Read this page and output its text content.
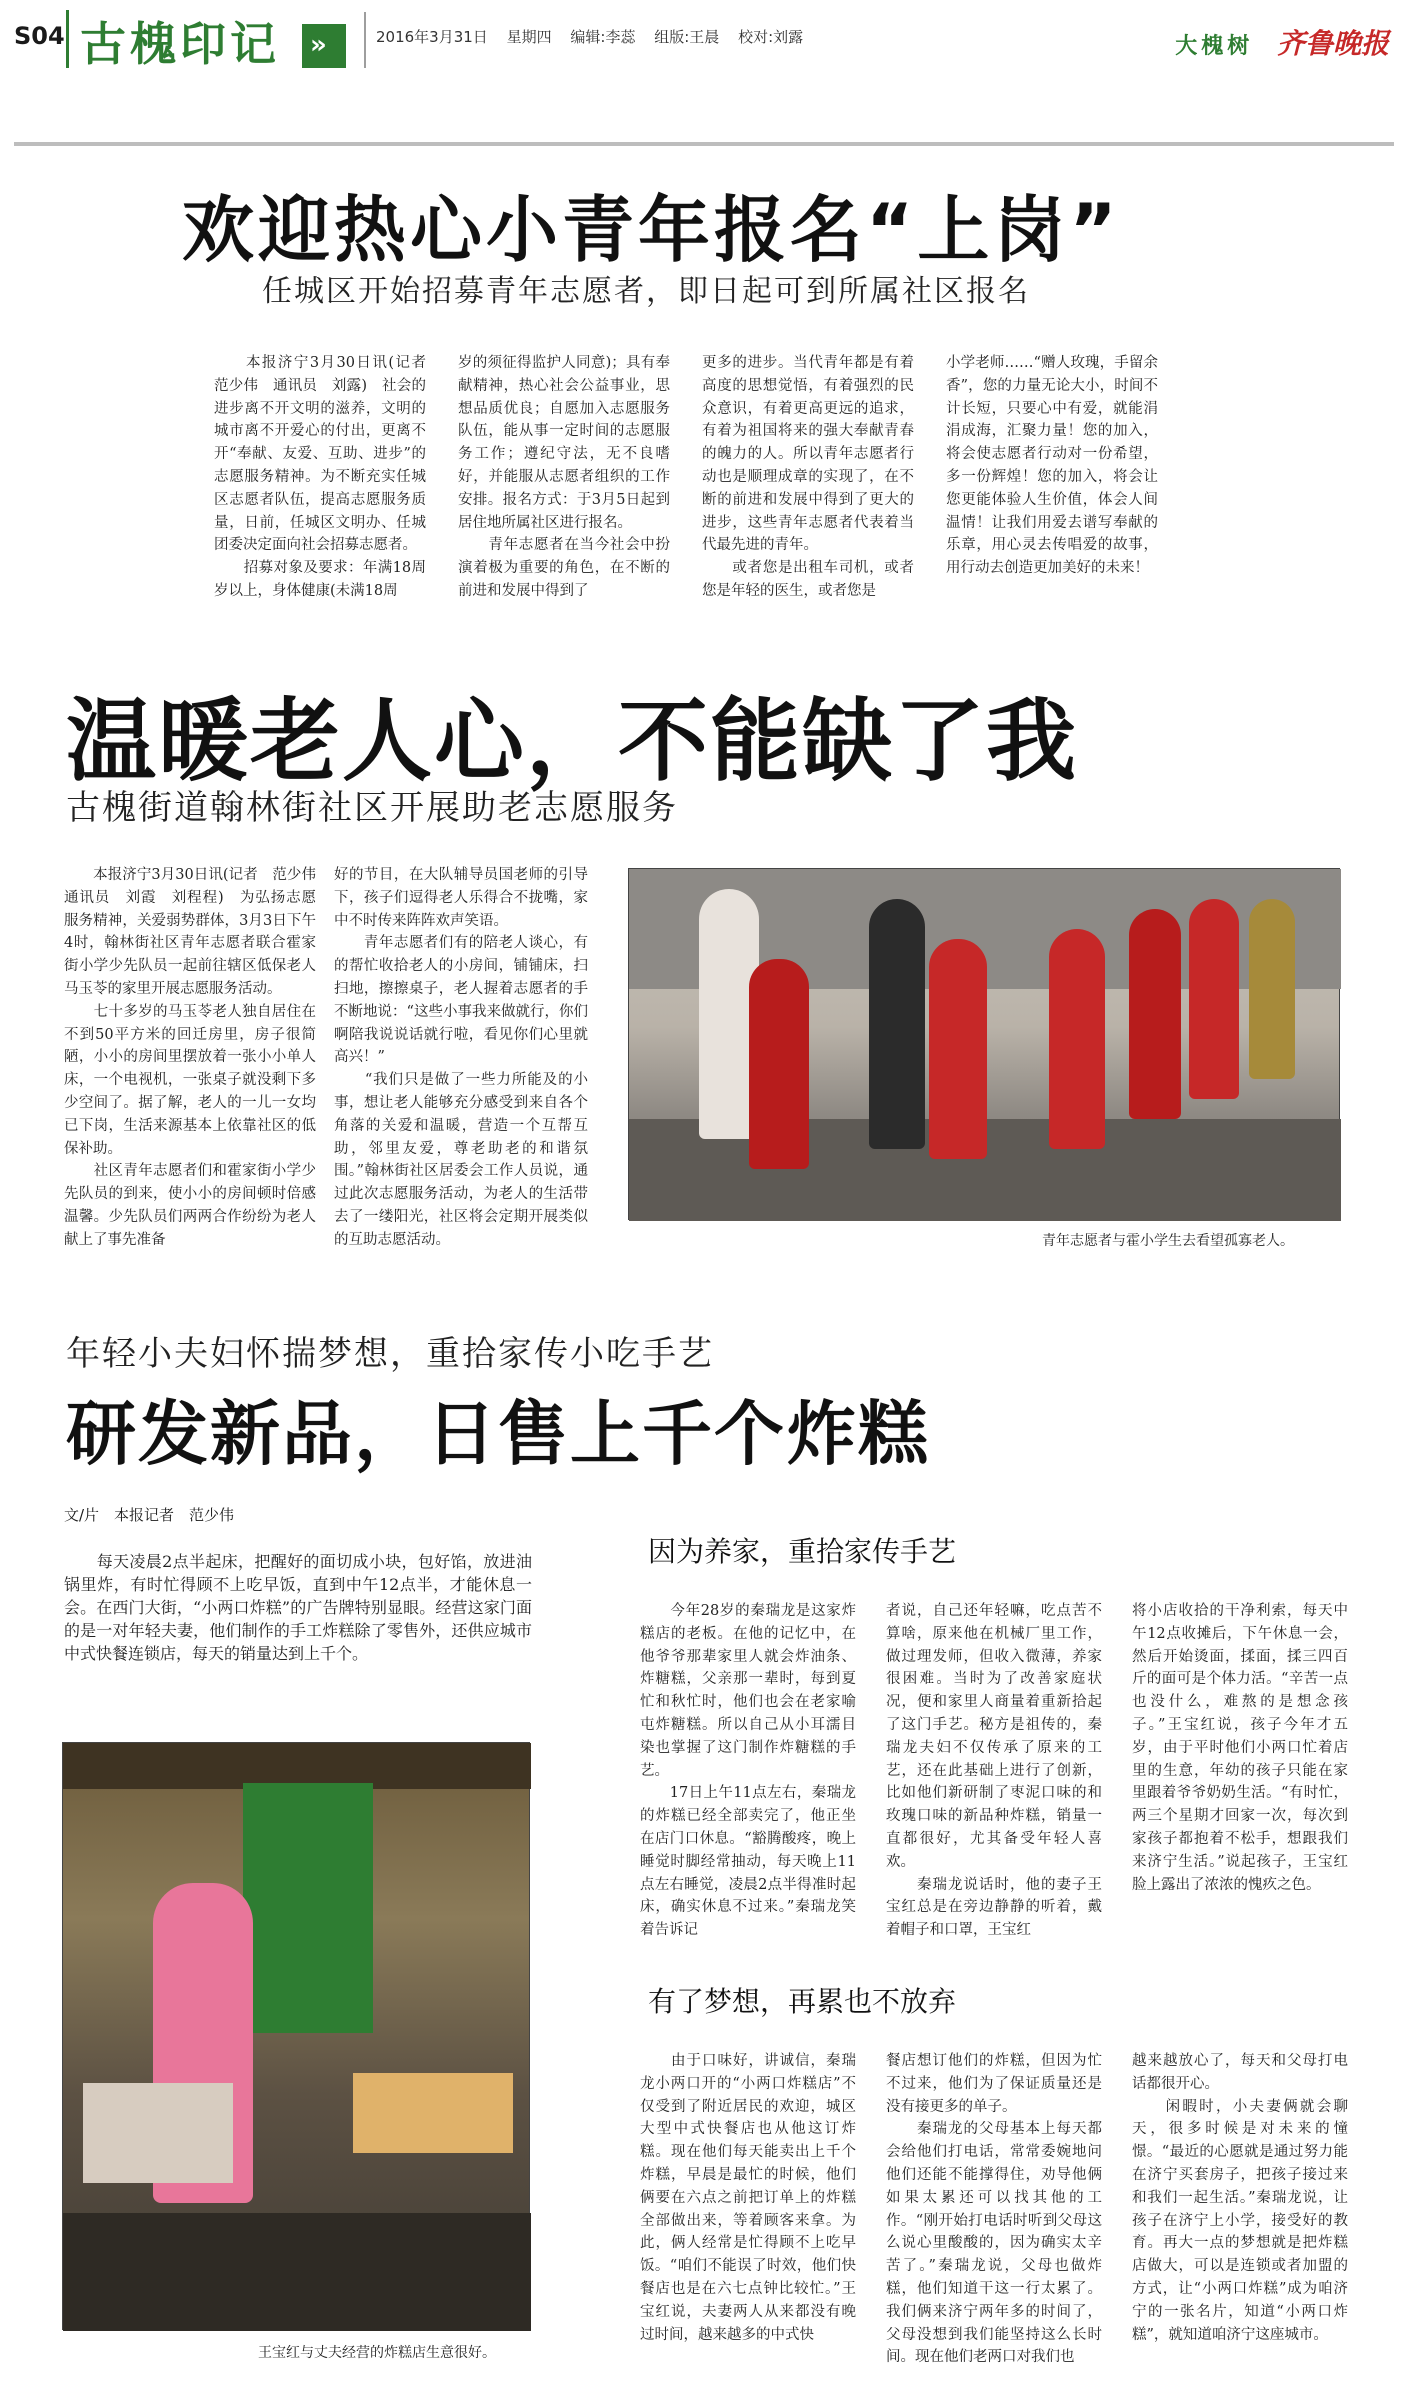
S04 古槐印记 »	2016年3月31日 星期四 编辑:李蕊 组版:王晨 校对:刘露	大槐树 齐鲁晚报
欢迎热心小青年报名“上岗”
任城区开始招募青年志愿者，即日起可到所属社区报名
　　本报济宁3月30日讯(记者　范少伟　通讯员　刘露)　社会的进步离不开文明的滋养，文明的城市离不开爱心的付出，更离不开“奉献、友爱、互助、进步”的志愿服务精神。为不断充实任城区志愿者队伍，提高志愿服务质量，日前，任城区文明办、任城团委决定面向社会招募志愿者。
　　招募对象及要求：年满18周岁以上，身体健康(未满18周
岁的须征得监护人同意)；具有奉献精神，热心社会公益事业，思想品质优良；自愿加入志愿服务队伍，能从事一定时间的志愿服务工作；遵纪守法，无不良嗜好，并能服从志愿者组织的工作安排。报名方式：于3月5日起到居住地所属社区进行报名。
　　青年志愿者在当今社会中扮演着极为重要的角色，在不断的前进和发展中得到了
更多的进步。当代青年都是有着高度的思想觉悟，有着强烈的民众意识，有着更高更远的追求，有着为祖国将来的强大奉献青春的魄力的人。所以青年志愿者行动也是顺理成章的实现了，在不断的前进和发展中得到了更大的进步，这些青年志愿者代表着当代最先进的青年。
　　或者您是出租车司机，或者您是年轻的医生，或者您是
小学老师……“赠人玫瑰，手留余香”，您的力量无论大小，时间不计长短，只要心中有爱，就能涓涓成海，汇聚力量！您的加入，将会使志愿者行动对一份希望，多一份辉煌！您的加入，将会让您更能体验人生价值，体会人间温情！让我们用爱去谱写奉献的乐章，用心灵去传唱爱的故事，用行动去创造更加美好的未来！
温暖老人心，不能缺了我
古槐街道翰林街社区开展助老志愿服务
　　本报济宁3月30日讯(记者　范少伟　通讯员　刘霞　刘程程)　为弘扬志愿服务精神，关爱弱势群体，3月3日下午4时，翰林街社区青年志愿者联合霍家街小学少先队员一起前往辖区低保老人马玉苓的家里开展志愿服务活动。
　　七十多岁的马玉苓老人独自居住在不到50平方米的回迁房里，房子很简陋，小小的房间里摆放着一张小小单人床，一个电视机，一张桌子就没剩下多少空间了。据了解，老人的一儿一女均已下岗，生活来源基本上依靠社区的低保补助。
　　社区青年志愿者们和霍家街小学少先队员的到来，使小小的房间顿时倍感温馨。少先队员们两两合作纷纷为老人献上了事先准备
好的节目，在大队辅导员国老师的引导下，孩子们逗得老人乐得合不拢嘴，家中不时传来阵阵欢声笑语。
　　青年志愿者们有的陪老人谈心，有的帮忙收拾老人的小房间，铺铺床，扫扫地，擦擦桌子，老人握着志愿者的手不断地说：“这些小事我来做就行，你们啊陪我说说话就行啦，看见你们心里就高兴！”
　　“我们只是做了一些力所能及的小事，想让老人能够充分感受到来自各个角落的关爱和温暖，营造一个互帮互助，邻里友爱，尊老助老的和谐氛围。”翰林街社区居委会工作人员说，通过此次志愿服务活动，为老人的生活带去了一缕阳光，社区将会定期开展类似的互助志愿活动。	青年志愿者与霍小学生去看望孤寡老人。
年轻小夫妇怀揣梦想，重拾家传小吃手艺
研发新品，日售上千个炸糕
文/片　本报记者　范少伟
　　每天凌晨2点半起床，把醒好的面切成小块，包好馅，放进油锅里炸，有时忙得顾不上吃早饭，直到中午12点半，才能休息一会。在西门大街，“小两口炸糕”的广告牌特别显眼。经营这家门面的是一对年轻夫妻，他们制作的手工炸糕除了零售外，还供应城市中式快餐连锁店，每天的销量达到上千个。
王宝红与丈夫经营的炸糕店生意很好。
因为养家，重拾家传手艺
　　今年28岁的秦瑞龙是这家炸糕店的老板。在他的记忆中，在他爷爷那辈家里人就会炸油条、炸糖糕，父亲那一辈时，每到夏忙和秋忙时，他们也会在老家喻屯炸糖糕。所以自己从小耳濡目染也掌握了这门制作炸糖糕的手艺。
　　17日上午11点左右，秦瑞龙的炸糕已经全部卖完了，他正坐在店门口休息。“豁腾酸疼，晚上睡觉时脚经常抽动，每天晚上11点左右睡觉，凌晨2点半得准时起床，确实休息不过来。”秦瑞龙笑着告诉记
者说，自己还年轻嘛，吃点苦不算啥，原来他在机械厂里工作，做过理发师，但收入微薄，养家很困难。当时为了改善家庭状况，便和家里人商量着重新拾起了这门手艺。秘方是祖传的，秦瑞龙夫妇不仅传承了原来的工艺，还在此基础上进行了创新，比如他们新研制了枣泥口味的和玫瑰口味的新品种炸糕，销量一直都很好，尤其备受年轻人喜欢。
　　秦瑞龙说话时，他的妻子王宝红总是在旁边静静的听着，戴着帽子和口罩，王宝红
将小店收拾的干净利索，每天中午12点收摊后，下午休息一会，然后开始烫面，揉面，揉三四百斤的面可是个体力活。“辛苦一点也没什么，难熬的是想念孩子。”王宝红说，孩子今年才五岁，由于平时他们小两口忙着店里的生意，年幼的孩子只能在家里跟着爷爷奶奶生活。“有时忙，两三个星期才回家一次，每次到家孩子都抱着不松手，想跟我们来济宁生活。”说起孩子，王宝红脸上露出了浓浓的愧疚之色。
有了梦想，再累也不放弃
　　由于口味好，讲诚信，秦瑞龙小两口开的“小两口炸糕店”不仅受到了附近居民的欢迎，城区大型中式快餐店也从他这订炸糕。现在他们每天能卖出上千个炸糕，早晨是最忙的时候，他们俩要在六点之前把订单上的炸糕全部做出来，等着顾客来拿。为此，俩人经常是忙得顾不上吃早饭。“咱们不能误了时效，他们快餐店也是在六七点钟比较忙。”王宝红说，夫妻两人从来都没有晚过时间，越来越多的中式快
餐店想订他们的炸糕，但因为忙不过来，他们为了保证质量还是没有接更多的单子。
　　秦瑞龙的父母基本上每天都会给他们打电话，常常委婉地问他们还能不能撑得住，劝导他俩如果太累还可以找其他的工作。“刚开始打电话时听到父母这么说心里酸酸的，因为确实太辛苦了。”秦瑞龙说，父母也做炸糕，他们知道干这一行太累了。我们俩来济宁两年多的时间了，父母没想到我们能坚持这么长时间。现在他们老两口对我们也
越来越放心了，每天和父母打电话都很开心。
　　闲暇时，小夫妻俩就会聊天，很多时候是对未来的憧憬。“最近的心愿就是通过努力能在济宁买套房子，把孩子接过来和我们一起生活。”秦瑞龙说，让孩子在济宁上小学，接受好的教育。再大一点的梦想就是把炸糕店做大，可以是连锁或者加盟的方式，让“小两口炸糕”成为咱济宁的一张名片，知道“小两口炸糕”，就知道咱济宁这座城市。
